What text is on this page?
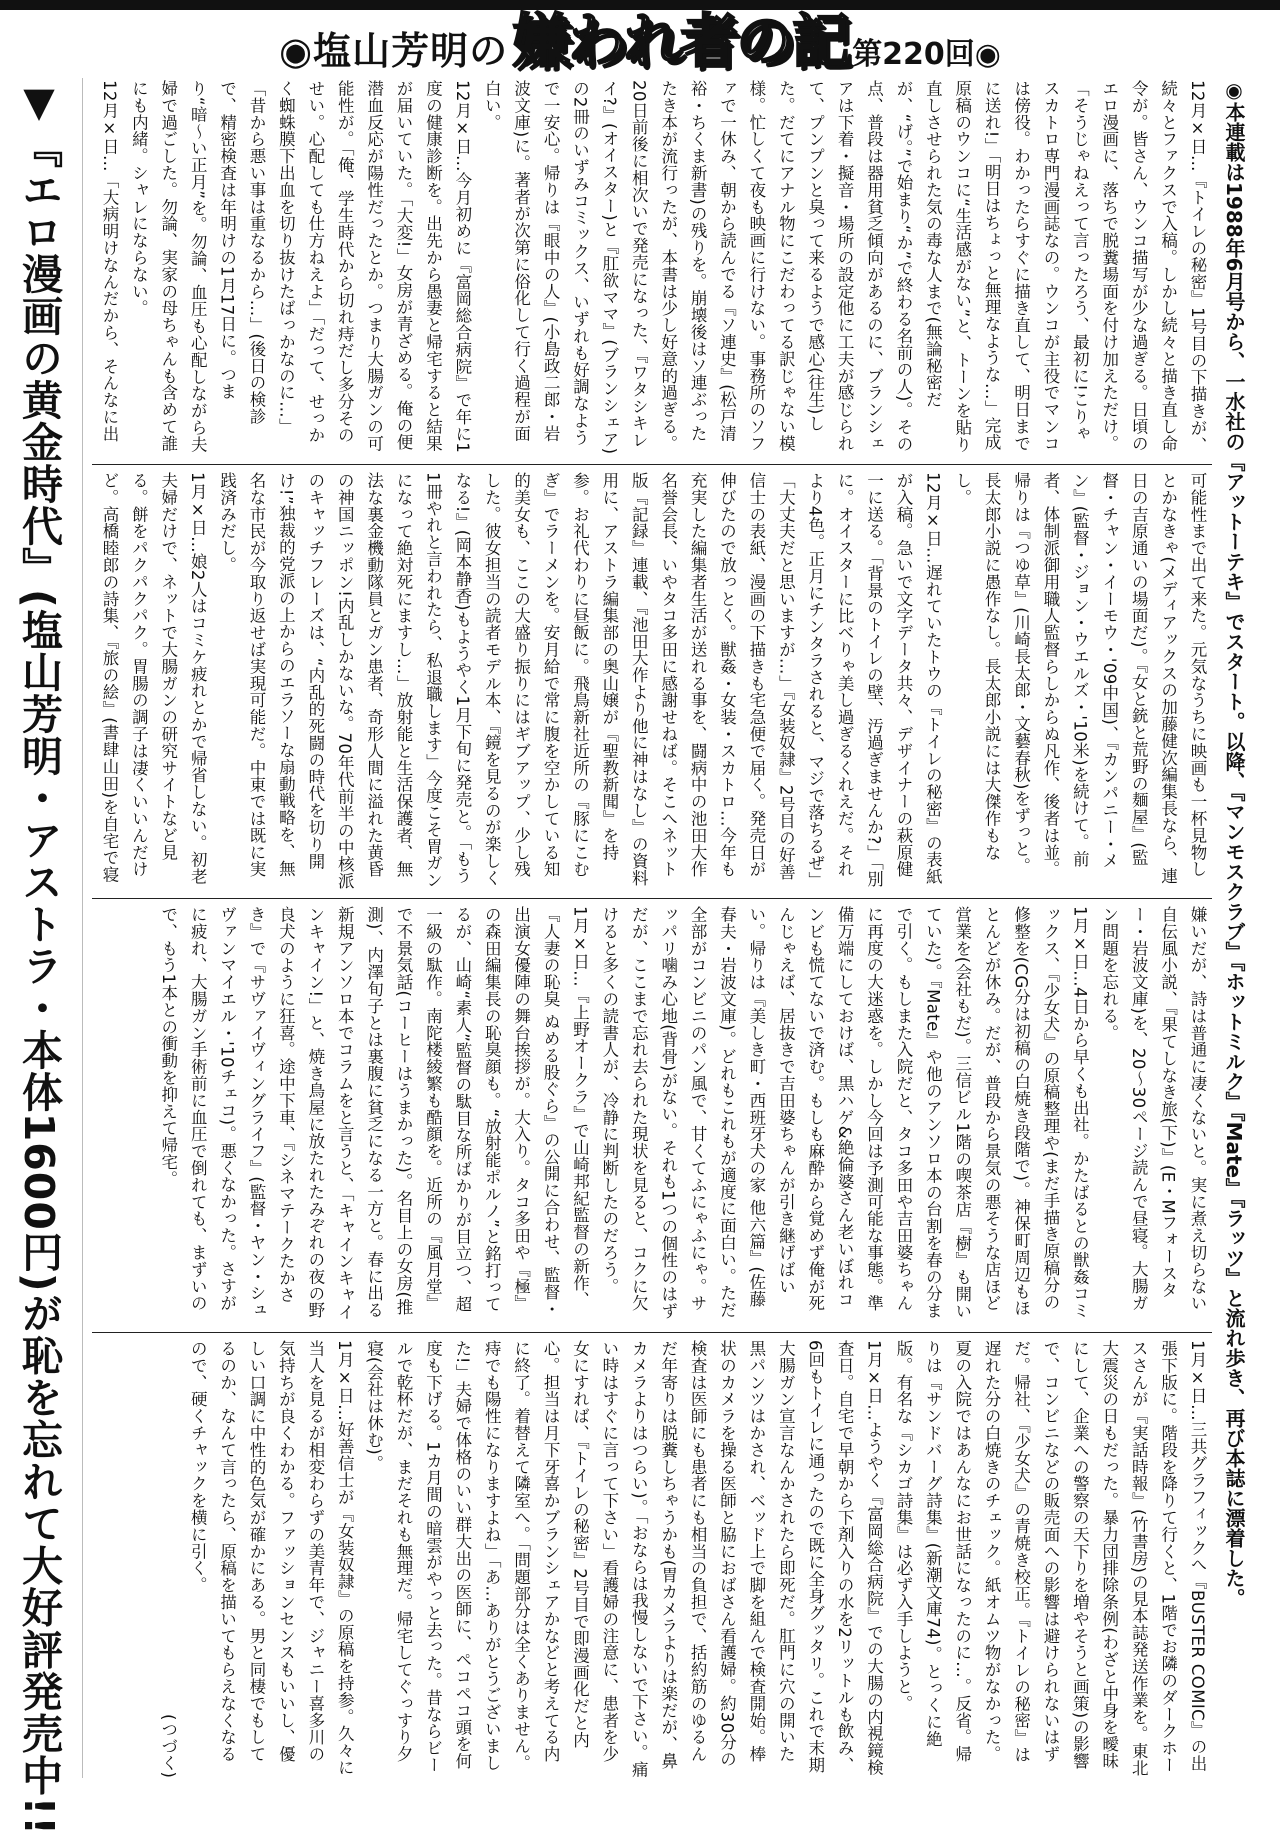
◉塩山芳明の 嫌われ者の記 第220回◉
▼『エロ漫画の黄金時代』(塩山芳明・アストラ・本体1600円)が恥を忘れて大好評発売中!!	◉本連載は1988年6月号から、一水社の『アットーテキ』でスタート。以降、『マンモスクラブ』『ホットミルク』『Mate』『ラッツ』と流れ歩き、再び本誌に漂着した。

12月×日…『トイレの秘密』1号目の下描きが、続々とファクスで入稿。しかし続々と描き直し命令が。皆さん、ウンコ描写が少な過ぎる。日頃のエロ漫画に、落ちで脱糞場面を付け加えただけ。「そうじゃねえって言ったろう、最初に!こりゃスカトロ専門漫画誌なの。ウンコが主役でマンコは傍役。わかったらすぐに描き直して、明日までに送れ!」「明日はちょっと無理なような…」完成原稿のウンコに“生活感がない”と、トーンを貼り直しさせられた気の毒な人まで(無論秘密だが、“げ。”で始まり“か”で終わる名前の人)。その点、普段は器用貧乏傾向があるのに、ブランシェアは下着・擬音・場所の設定他に工夫が感じられて、プンプンと臭って来るようで感心(往生)した。だてにアナル物にこだわってる訳じゃない模様。忙しくて夜も映画に行けない。事務所のソファで一休み、朝から読んでる『ソ連史』(松戸清裕・ちくま新書)の残りを。崩壊後はソ連ぶったたき本が流行ったが、本書は少し好意的過ぎる。20日前後に相次いで発売になった、『ワタシキレイ?』(オイスター)と『肛欲ママ』(ブランシェア)の2冊のいずみコミックス、いずれも好調なようで一安心。帰りは『眼中の人』(小島政二郎・岩波文庫)に。著者が次第に俗化して行く過程が面白い。

12月×日…今月初めに『富岡総合病院』で年に1度の健康診断を。出先から愚妻と帰宅すると結果が届いていた。「大変!」女房が青ざめる。俺の便潜血反応が陽性だったとか。つまり大腸ガンの可能性が。「俺、学生時代から切れ痔だし多分そのせい。心配しても仕方ねえよ」「だって、せっかく蜘蛛膜下出血を切り抜けたばっかなのに…」「昔から悪い事は重なるから…」(後日の検診で、精密検査は年明けの1月17日に。つまり“暗〜い正月”を。勿論、血圧も心配しながら夫婦で過ごした。勿論、実家の母ちゃんも含めて誰にも内緒。シャレにならない。

12月×日…「大病明けなんだから、そんなに出

可能性まで出て来た。元気なうちに映画も一杯見物しとかなきゃ(メディアックスの加藤健次編集長なら、連日の吉原通いの場面だ)。『女と銃と荒野の麺屋』(監督・チャン・イーモウ・'09中国)、『カンパニー・メン』(監督・ジョン・ウエルズ・'10米)を続けて。前者、体制派御用職人監督らしからぬ凡作、後者は並。帰りは『つゆ草』(川崎長太郎・文藝春秋)をずっと。長太郎小説に愚作なし。長太郎小説には大傑作もなし。

12月×日…遅れていたトウの『トイレの秘密』の表紙が入稿。急いで文字データ共々、デザイナーの萩原健一に送る。「背景のトイレの壁、汚過ぎませんか?」「別に。オイスターに比べりゃ美し過ぎるくれえだ。それより4色。正月にチンタラされると、マジで落ちるぜ」「大丈夫だと思いますが…」『女装奴隷』2号目の好善信士の表紙、漫画の下描きも宅急便で届く。発売日が伸びたので放っとく。獣姦・女装・スカトロ…今年も充実した編集者生活が送れる事を、闘病中の池田大作名誉会長、いやタコ多田に感謝せねば。そこへネット版『記録』連載、『池田大作より他に神はなし』の資料用に、アストラ編集部の奥山嬢が『聖教新聞』を持参。お礼代わりに昼飯に。飛鳥新社近所の『豚にこむぎ』でラーメンを。安月給で常に腹を空かしている知的美女も、ここの大盛り振りにはギブアップ、少し残した。彼女担当の読者モデル本、『鏡を見るのが楽しくなる!』(岡本静香)もようやく1月下旬に発売と。「もう1冊やれと言われたら、私退職します」今度こそ胃ガンになって絶対死にますし…」放射能と生活保護者、無法な裏金機動隊員とガン患者、奇形人間に溢れた黄昏の神国ニッポン!内乱しかないな。70年代前半の中核派のキャッチフレーズは、“内乱的死闘の時代を切り開け!”独裁的党派の上からのエラソーな扇動戦略を、無名な市民が今取り返せば実現可能だ。中東では既に実践済みだし。

1月×日…娘2人はコミケ疲れとかで帰省しない。初老夫婦だけで、ネットで大腸ガンの研究サイトなど見る。餅をパクパクパク。胃腸の調子は凄くいいんだけど。高橋睦郎の詩集、『旅の絵』(書肆山田)を自宅で寝

嫌いだが、詩は普通に凄くないと。実に煮え切らない自伝風小説、『果てしなき旅(下)』(E・Mフォースター・岩波文庫)を、20〜30ページ読んで昼寝。大腸ガン問題を忘れる。

1月×日…4日から早くも出社。かたばるとの獣姦コミックス、『少女犬』の原稿整理や(まだ手描き原稿分の修整を(CG分は初稿の白焼き段階で)。神保町周辺もほとんどが休み。だが、普段から景気の悪そうな店ほど営業を(会社もだ)。三信ビル1階の喫茶店『樹』も開いていた)。『Mate』や他のアンソロ本の台割を春の分まで引く。もしまた入院だと、タコ多田や吉田婆ちゃんに再度の大迷惑を。しかし今回は予測可能な事態。準備万端にしておけば、黒ハゲ&絶倫婆さん老いぼれコンビも慌てないで済む。もしも麻酔から覚めず俺が死んじゃえば、居抜きで吉田婆ちゃんが引き継げばいい。帰りは『美しき町・西班牙犬の家 他六篇』(佐藤春夫・岩波文庫)。どれもこれもが適度に面白い。ただ全部がコンビニのパン風で、甘くてふにゃふにゃ。サッパリ噛み心地(背骨)がない。それも1つの個性のはずだが、ここまで忘れ去られた現状を見ると、コクに欠けると多くの読書人が、冷静に判断したのだろう。

1月×日…『上野オークラ』で山崎邦紀監督の新作、『人妻の恥臭 ぬめる股ぐら』の公開に合わせ、監督・出演女優陣の舞台挨拶が。大入り。タコ多田や『極』の森田編集長の恥臭顔も。“放射能ポルノ”と銘打ってるが、山崎“素人”監督の駄目な所ばかりが目立つ、超一級の駄作。南陀楼綾繁も酷顔を。近所の『風月堂』で不景気話(コーヒーはうまかった)。名目上の女房(推測)、内澤旬子とは裏腹に貧乏になる一方と。春に出る新規アンソロ本でコラムをと言うと、「キャインキャインキャイン!」と、焼き鳥屋に放たれたみぞれの夜の野良犬のように狂喜。途中下車、『シネマテークたかさき』で『サヴァイヴィングライフ』(監督・ヤン・シュヴァンマイエル・'10チェコ)。悪くなかった。さすがに疲れ、大腸ガン手術前に血圧で倒れても、まずいので、もう1本との衝動を抑えて帰宅。

1月×日…三共グラフィックへ『BUSTER COMIC』の出張下版に。階段を降りて行くと、1階でお隣のダークホースさんが『実話時報』(竹書房)の見本誌発送作業を。東北大震災の日もだった。暴力団排除条例(わざと中身を曖昧にして、企業への警察の天下りを増やそうと画策)の影響で、コンビニなどの販売面への影響は避けられないはずだ。帰社、『少女犬』の青焼き校正。『トイレの秘密』は遅れた分の白焼きのチェック。紙オムツ物がなかった。夏の入院ではあんなにお世話になったのに…。反省。帰りは『サンドバーグ詩集』(新潮文庫74)。とっくに絶版。有名な『シカゴ詩集』は必ず入手しようと。

1月×日…ようやく『富岡総合病院』での大腸の内視鏡検査日。自宅で早朝から下剤入りの水を2リットルも飲み、6回もトイレに通ったので既に全身グッタリ。これで末期大腸ガン宣言なんかされたら即死だ。肛門に穴の開いた黒パンツはかされ、ベッド上で脚を組んで検査開始。棒状のカメラを操る医師と脇におばさん看護婦。約30分の検査は医師にも患者にも相当の負担で、括約筋のゆるんだ年寄りは脱糞しちゃうかも(胃カメラよりは楽だが、鼻カメラよりはつらい)。「おならは我慢しないで下さい。痛い時はすぐに言って下さい」看護婦の注意に、患者を少女にすれば、『トイレの秘密』2号目で即漫画化だと内心。担当は月下牙喜かブランシェアかなどと考えてる内に終了。着替えて隣室へ。「問題部分は全くありません。痔でも陽性になりますよね」「あ…ありがとうございました!」夫婦で体格のいい群大出の医師に、ペコペコ頭を何度も下げる。1カ月間の暗雲がやっと去った。昔ならビールで乾杯だが、まだそれも無理だ。帰宅してぐっすり夕寝(会社は休む)。

1月×日…好善信士が『女装奴隷』の原稿を持参。久々に当人を見るが相変わらずの美青年で、ジャニー喜多川の気持ちが良くわかる。ファッションセンスもいいし、優しい口調に中性的色気が確かにある。男と同棲でもしてるのか、なんて言ったら、原稿を描いてもらえなくなるので、硬くチャックを横に引く。

(つづく)
